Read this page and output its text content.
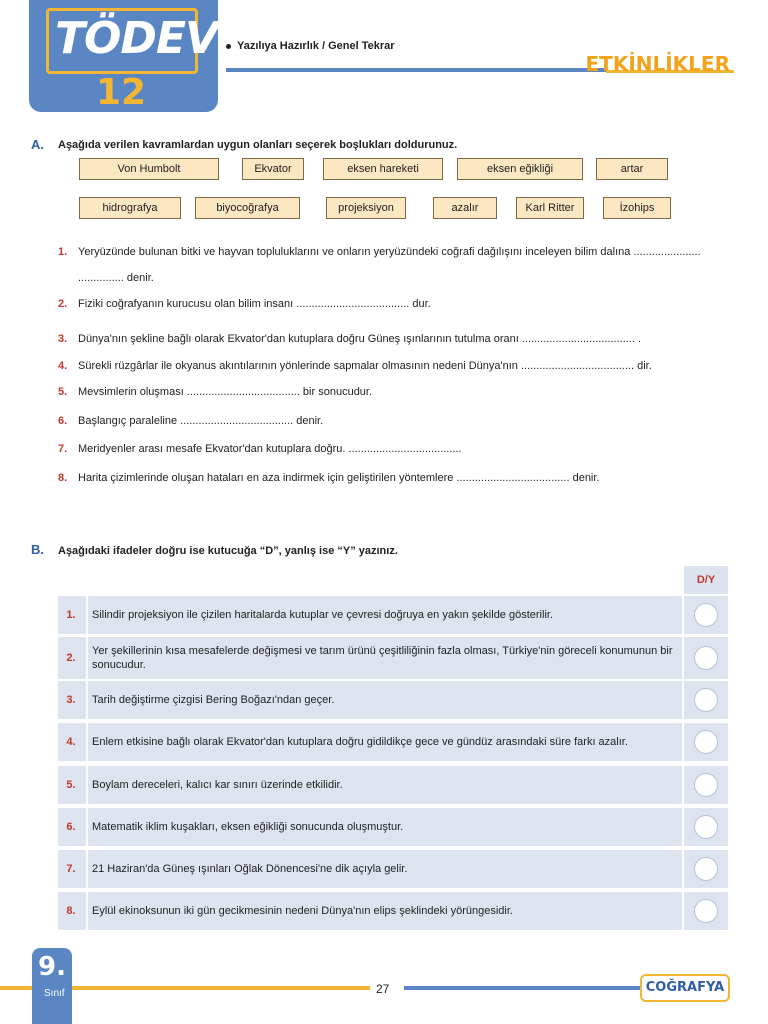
TÖDEV
12
Yazılıya Hazırlık / Genel Tekrar
ETKİNLİKLER
A. Aşağıda verilen kavramlardan uygun olanları seçerek boşlukları doldurunuz.
Von Humbolt	Ekvator	eksen hareketi	eksen eğikliği	artar
hidrografya	biyocoğrafya	projeksiyon	azalır	Karl Ritter	İzohips
1. Yeryüzünde bulunan bitki ve hayvan topluluklarını ve onların yeryüzündeki coğrafi dağılışını inceleyen bilim dalına ......................
............... denir.
2. Fiziki coğrafyanın kurucusu olan bilim insanı ..................................... dur.
3. Dünya'nın şekline bağlı olarak Ekvator'dan kutuplara doğru Güneş ışınlarının tutulma oranı ..................................... .
4. Sürekli rüzgârlar ile okyanus akıntılarının yönlerinde sapmalar olmasının nedeni Dünya'nın ..................................... dir.
5. Mevsimlerin oluşması ..................................... bir sonucudur.
6. Başlangıç paraleline ..................................... denir.
7. Meridyenler arası mesafe Ekvator'dan kutuplara doğru. .....................................
8. Harita çizimlerinde oluşan hataları en aza indirmek için geliştirilen yöntemlere ..................................... denir.
B. Aşağıdaki ifadeler doğru ise kutucuğa “D”, yanlış ise “Y” yazınız.
D/Y
1.	Silindir projeksiyon ile çizilen haritalarda kutuplar ve çevresi doğruya en yakın şekilde gösterilir.
2.
Yer şekillerinin kısa mesafelerde değişmesi ve tarım ürünü çeşitliliğinin fazla olması, Türkiye'nin göreceli konumunun bir sonucudur.
3.	Tarih değiştirme çizgisi Bering Boğazı'ndan geçer.
4.	Enlem etkisine bağlı olarak Ekvator'dan kutuplara doğru gidildikçe gece ve gündüz arasındaki süre farkı azalır.
5.	Boylam dereceleri, kalıcı kar sınırı üzerinde etkilidir.
6.	Matematik iklim kuşakları, eksen eğikliği sonucunda oluşmuştur.
7.	21 Haziran'da Güneş ışınları Oğlak Dönencesi'ne dik açıyla gelir.
8.	Eylül ekinoksunun iki gün gecikmesinin nedeni Dünya'nın elips şeklindeki yörüngesidir.
9.
Sınıf	27	COĞRAFYA
